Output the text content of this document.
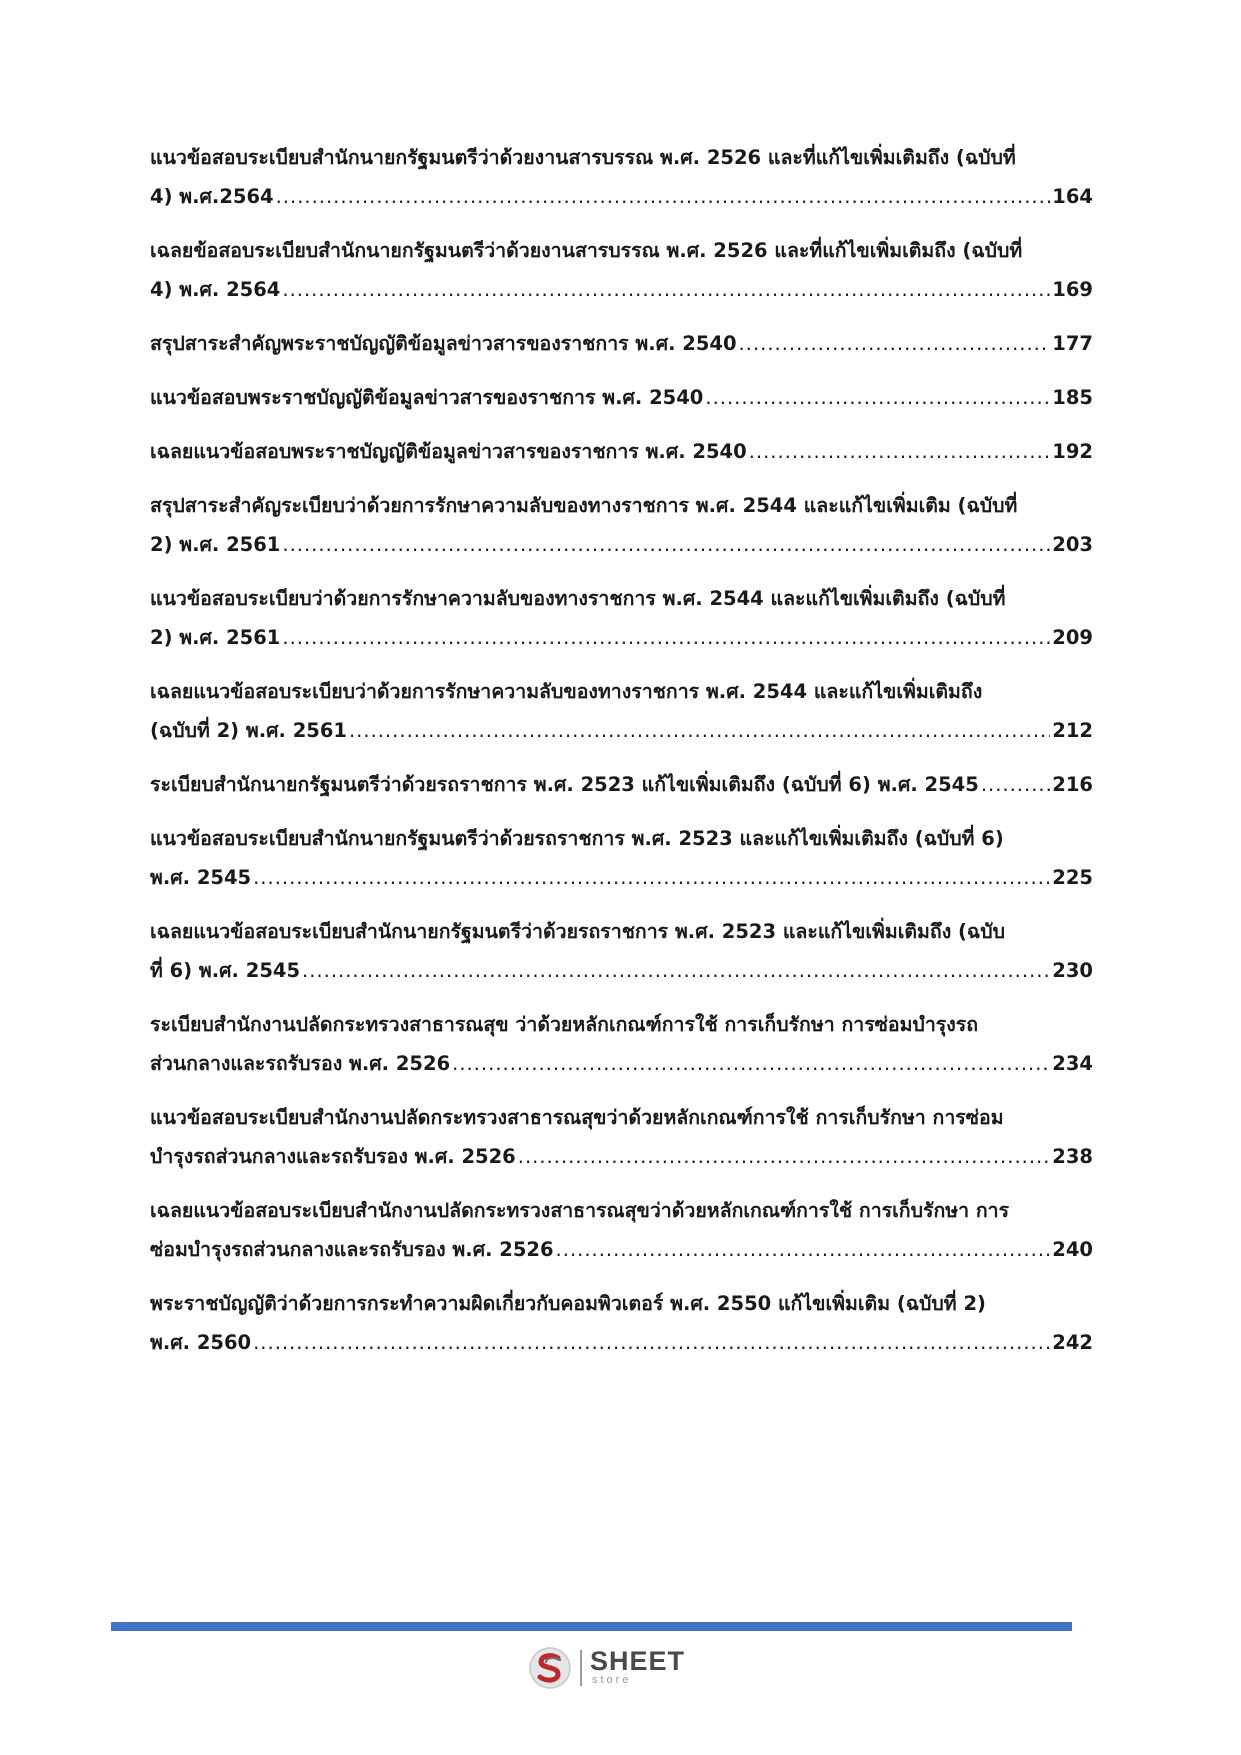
แนวข้อสอบระเบียบสำนักนายกรัฐมนตรีว่าด้วยงานสารบรรณ พ.ศ. 2526 และที่แก้ไขเพิ่มเติมถึง (ฉบับที่
4) พ.ศ.2564 .....	164
เฉลยข้อสอบระเบียบสำนักนายกรัฐมนตรีว่าด้วยงานสารบรรณ พ.ศ. 2526 และที่แก้ไขเพิ่มเติมถึง (ฉบับที่
4) พ.ศ. 2564 .....	169
สรุปสาระสำคัญพระราชบัญญัติข้อมูลข่าวสารของราชการ พ.ศ. 2540 .....	177
แนวข้อสอบพระราชบัญญัติข้อมูลข่าวสารของราชการ พ.ศ. 2540 .....	185
เฉลยแนวข้อสอบพระราชบัญญัติข้อมูลข่าวสารของราชการ พ.ศ. 2540 .....	192
สรุปสาระสำคัญระเบียบว่าด้วยการรักษาความลับของทางราชการ พ.ศ. 2544 และแก้ไขเพิ่มเติม (ฉบับที่
2) พ.ศ. 2561 .....	203
แนวข้อสอบระเบียบว่าด้วยการรักษาความลับของทางราชการ พ.ศ. 2544 และแก้ไขเพิ่มเติมถึง (ฉบับที่
2) พ.ศ. 2561 .....	209
เฉลยแนวข้อสอบระเบียบว่าด้วยการรักษาความลับของทางราชการ พ.ศ. 2544 และแก้ไขเพิ่มเติมถึง
(ฉบับที่ 2) พ.ศ. 2561 .....	212
ระเบียบสำนักนายกรัฐมนตรีว่าด้วยรถราชการ พ.ศ. 2523 แก้ไขเพิ่มเติมถึง (ฉบับที่ 6) พ.ศ. 2545 .....	216
แนวข้อสอบระเบียบสำนักนายกรัฐมนตรีว่าด้วยรถราชการ พ.ศ. 2523 และแก้ไขเพิ่มเติมถึง (ฉบับที่ 6)
พ.ศ. 2545 .....	225
เฉลยแนวข้อสอบระเบียบสำนักนายกรัฐมนตรีว่าด้วยรถราชการ พ.ศ. 2523 และแก้ไขเพิ่มเติมถึง (ฉบับ
ที่ 6) พ.ศ. 2545 .....	230
ระเบียบสำนักงานปลัดกระทรวงสาธารณสุข ว่าด้วยหลักเกณฑ์การใช้ การเก็บรักษา การซ่อมบำรุงรถ
ส่วนกลางและรถรับรอง พ.ศ. 2526 .....	234
แนวข้อสอบระเบียบสำนักงานปลัดกระทรวงสาธารณสุขว่าด้วยหลักเกณฑ์การใช้ การเก็บรักษา การซ่อม
บำรุงรถส่วนกลางและรถรับรอง พ.ศ. 2526 .....	238
เฉลยแนวข้อสอบระเบียบสำนักงานปลัดกระทรวงสาธารณสุขว่าด้วยหลักเกณฑ์การใช้ การเก็บรักษา การ
ซ่อมบำรุงรถส่วนกลางและรถรับรอง พ.ศ. 2526 .....	240
พระราชบัญญัติว่าด้วยการกระทำความผิดเกี่ยวกับคอมพิวเตอร์ พ.ศ. 2550 แก้ไขเพิ่มเติม (ฉบับที่ 2)
พ.ศ. 2560 .....	242
SHEET
store
